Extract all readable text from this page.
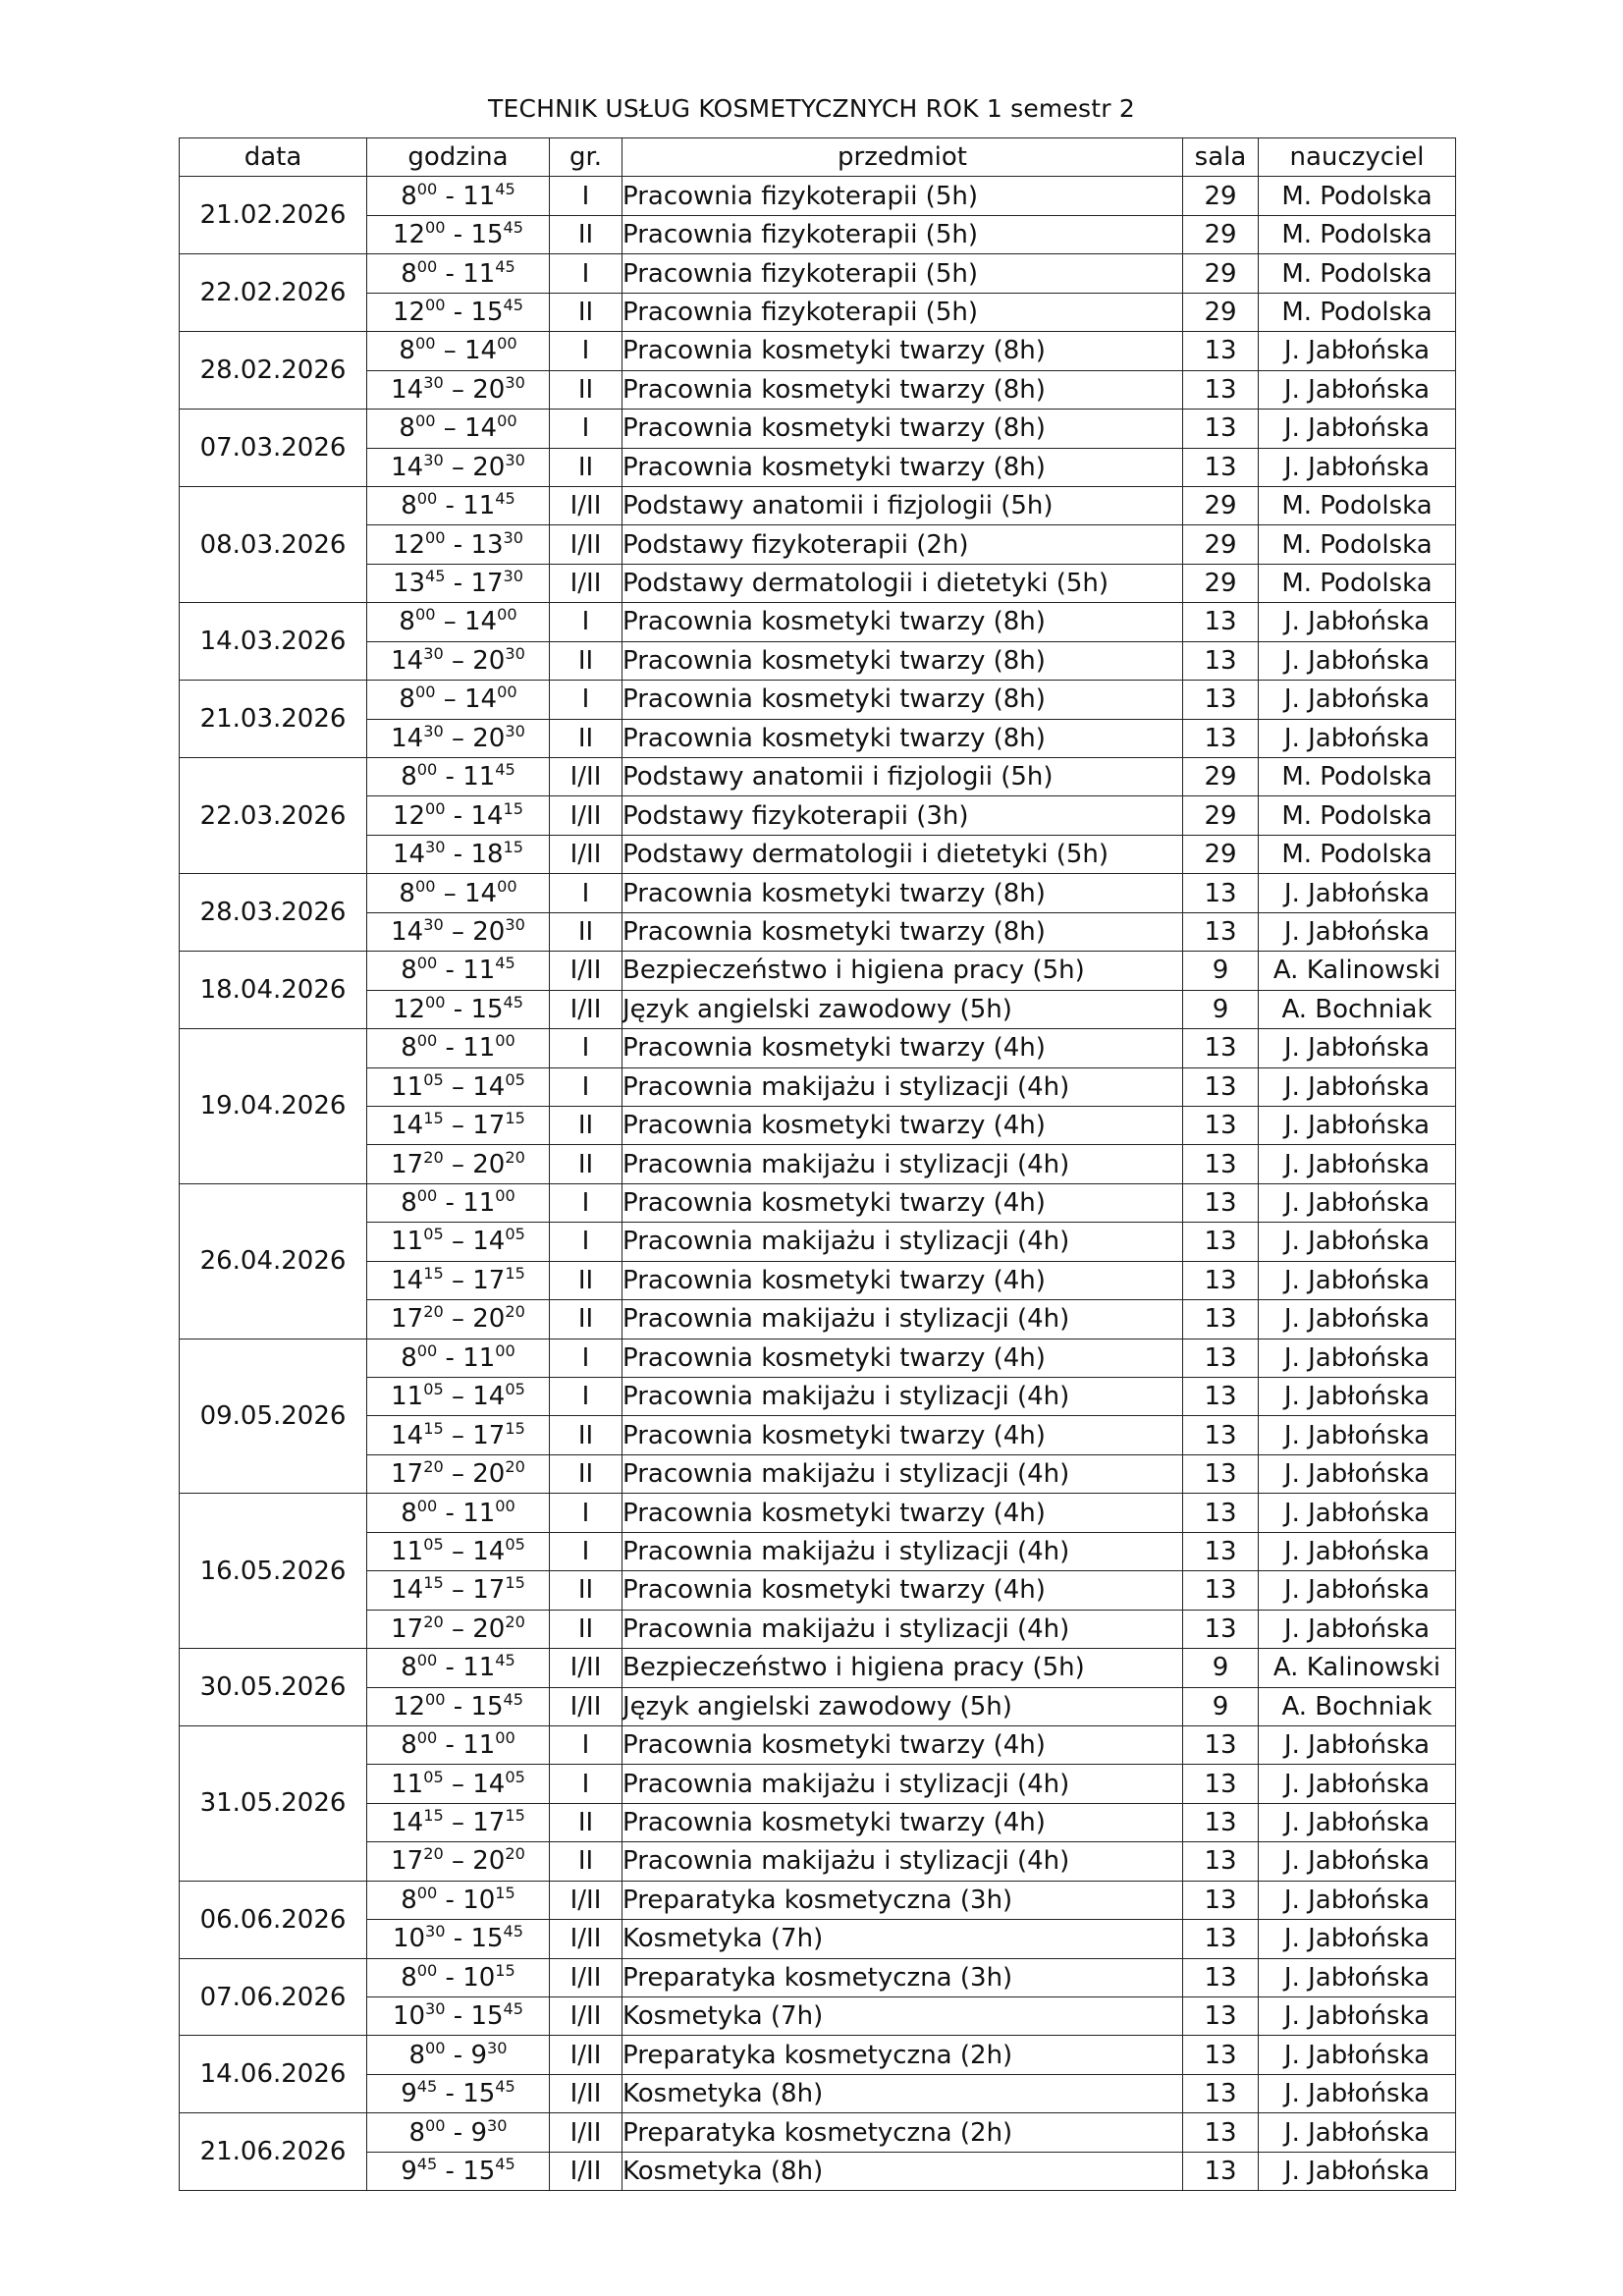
TECHNIK USŁUG KOSMETYCZNYCH ROK 1 semestr 2
data	godzina	gr.	przedmiot	sala	nauczyciel
21.02.2026	$8^{00} - 11^{45}$	I	Pracownia fizykoterapii (5h)	29	M. Podolska
	$12^{00} - 15^{45}$	II	Pracownia fizykoterapii (5h)	29	M. Podolska
22.02.2026	$8^{00} - 11^{45}$	I	Pracownia fizykoterapii (5h)	29	M. Podolska
	$12^{00} - 15^{45}$	II	Pracownia fizykoterapii (5h)	29	M. Podolska
28.02.2026	$8^{00} - 14^{00}$	I	Pracownia kosmetyki twarzy (8h)	13	J. Jabłońska
	$14^{30} - 20^{30}$	II	Pracownia kosmetyki twarzy (8h)	13	J. Jabłońska
07.03.2026	$8^{00} - 14^{00}$	I	Pracownia kosmetyki twarzy (8h)	13	J. Jabłońska
	$14^{30} - 20^{30}$	II	Pracownia kosmetyki twarzy (8h)	13	J. Jabłońska
08.03.2026	$8^{00} - 11^{45}$	I/II	Podstawy anatomii i fizjologii (5h)	29	M. Podolska
	$12^{00} - 13^{30}$	I/II	Podstawy fizykoterapii (2h)	29	M. Podolska
	$13^{45} - 17^{30}$	I/II	Podstawy dermatologii i dietetyki (5h)	29	M. Podolska
14.03.2026	$8^{00} - 14^{00}$	I	Pracownia kosmetyki twarzy (8h)	13	J. Jabłońska
	$14^{30} - 20^{30}$	II	Pracownia kosmetyki twarzy (8h)	13	J. Jabłońska
21.03.2026	$8^{00} - 14^{00}$	I	Pracownia kosmetyki twarzy (8h)	13	J. Jabłońska
	$14^{30} - 20^{30}$	II	Pracownia kosmetyki twarzy (8h)	13	J. Jabłońska
22.03.2026	$8^{00} - 11^{45}$	I/II	Podstawy anatomii i fizjologii (5h)	29	M. Podolska
	$12^{00} - 14^{15}$	I/II	Podstawy fizykoterapii (3h)	29	M. Podolska
	$14^{30} - 18^{15}$	I/II	Podstawy dermatologii i dietetyki (5h)	29	M. Podolska
28.03.2026	$8^{00} - 14^{00}$	I	Pracownia kosmetyki twarzy (8h)	13	J. Jabłońska
	$14^{30} - 20^{30}$	II	Pracownia kosmetyki twarzy (8h)	13	J. Jabłońska
18.04.2026	$8^{00} - 11^{45}$	I/II	Bezpieczeństwo i higiena pracy (5h)	9	A. Kalinowski
	$12^{00} - 15^{45}$	I/II	Język angielski zawodowy (5h)	9	A. Bochniak
19.04.2026	$8^{00} - 11^{00}$	I	Pracownia kosmetyki twarzy (4h)	13	J. Jabłońska
	$11^{05} - 14^{05}$	I	Pracownia makijażu i stylizacji (4h)	13	J. Jabłońska
	$14^{15} - 17^{15}$	II	Pracownia kosmetyki twarzy (4h)	13	J. Jabłońska
	$17^{20} - 20^{20}$	II	Pracownia makijażu i stylizacji (4h)	13	J. Jabłońska
26.04.2026	$8^{00} - 11^{00}$	I	Pracownia kosmetyki twarzy (4h)	13	J. Jabłońska
	$11^{05} - 14^{05}$	I	Pracownia makijażu i stylizacji (4h)	13	J. Jabłońska
	$14^{15} - 17^{15}$	II	Pracownia kosmetyki twarzy (4h)	13	J. Jabłońska
	$17^{20} - 20^{20}$	II	Pracownia makijażu i stylizacji (4h)	13	J. Jabłońska
09.05.2026	$8^{00} - 11^{00}$	I	Pracownia kosmetyki twarzy (4h)	13	J. Jabłońska
	$11^{05} - 14^{05}$	I	Pracownia makijażu i stylizacji (4h)	13	J. Jabłońska
	$14^{15} - 17^{15}$	II	Pracownia kosmetyki twarzy (4h)	13	J. Jabłońska
	$17^{20} - 20^{20}$	II	Pracownia makijażu i stylizacji (4h)	13	J. Jabłońska
16.05.2026	$8^{00} - 11^{00}$	I	Pracownia kosmetyki twarzy (4h)	13	J. Jabłońska
	$11^{05} - 14^{05}$	I	Pracownia makijażu i stylizacji (4h)	13	J. Jabłońska
	$14^{15} - 17^{15}$	II	Pracownia kosmetyki twarzy (4h)	13	J. Jabłońska
	$17^{20} - 20^{20}$	II	Pracownia makijażu i stylizacji (4h)	13	J. Jabłońska
30.05.2026	$8^{00} - 11^{45}$	I/II	Bezpieczeństwo i higiena pracy (5h)	9	A. Kalinowski
	$12^{00} - 15^{45}$	I/II	Język angielski zawodowy (5h)	9	A. Bochniak
31.05.2026	$8^{00} - 11^{00}$	I	Pracownia kosmetyki twarzy (4h)	13	J. Jabłońska
	$11^{05} - 14^{05}$	I	Pracownia makijażu i stylizacji (4h)	13	J. Jabłońska
	$14^{15} - 17^{15}$	II	Pracownia kosmetyki twarzy (4h)	13	J. Jabłońska
	$17^{20} - 20^{20}$	II	Pracownia makijażu i stylizacji (4h)	13	J. Jabłońska
06.06.2026	$8^{00} - 10^{15}$	I/II	Preparatyka kosmetyczna (3h)	13	J. Jabłońska
	$10^{30} - 15^{45}$	I/II	Kosmetyka (7h)	13	J. Jabłońska
07.06.2026	$8^{00} - 10^{15}$	I/II	Preparatyka kosmetyczna (3h)	13	J. Jabłońska
	$10^{30} - 15^{45}$	I/II	Kosmetyka (7h)	13	J. Jabłońska
14.06.2026	$8^{00} - 9^{30}$	I/II	Preparatyka kosmetyczna (2h)	13	J. Jabłońska
	$9^{45} - 15^{45}$	I/II	Kosmetyka (8h)	13	J. Jabłońska
21.06.2026	$8^{00} - 9^{30}$	I/II	Preparatyka kosmetyczna (2h)	13	J. Jabłońska
	$9^{45} - 15^{45}$	I/II	Kosmetyka (8h)	13	J. Jabłońska
